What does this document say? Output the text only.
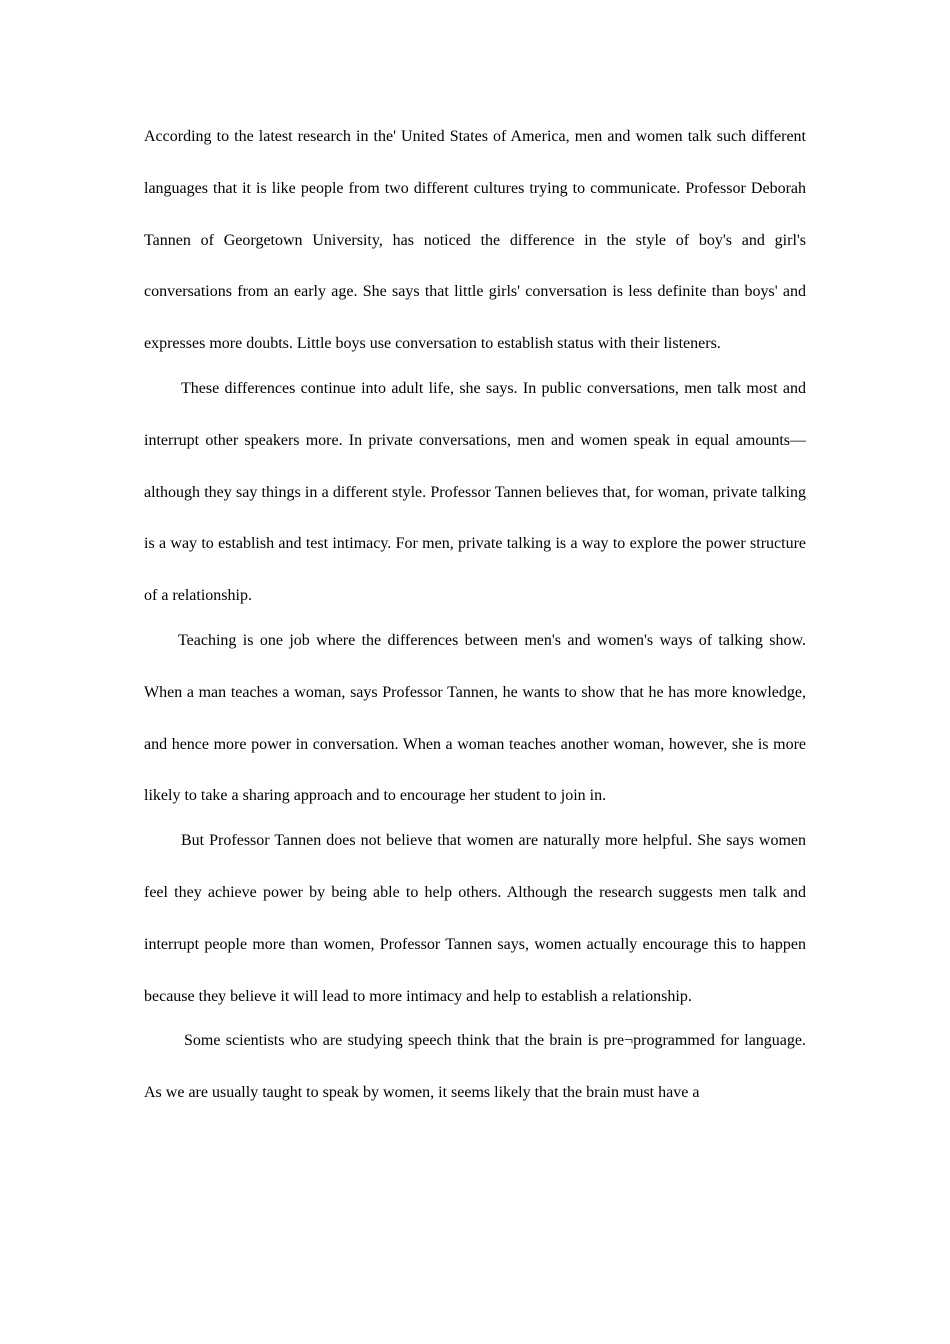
According to the latest research in the' United States of America, men and women talk such different languages that it is like people from two different cultures trying to communicate. Professor Deborah Tannen of Georgetown University, has noticed the difference in the style of boy's and girl's conversations from an early age. She says that little girls' conversation is less definite than boys' and expresses more doubts. Little boys use conversation to establish status with their listeners.

These differences continue into adult life, she says. In public conversations, men talk most and interrupt other speakers more. In private conversations, men and women speak in equal amounts—although they say things in a different style. Professor Tannen believes that, for woman, private talking is a way to establish and test intimacy. For men, private talking is a way to explore the power structure of a relationship.

Teaching is one job where the differences between men's and women's ways of talking show. When a man teaches a woman, says Professor Tannen, he wants to show that he has more knowledge, and hence more power in conversation. When a woman teaches another woman, however, she is more likely to take a sharing approach and to encourage her student to join in.

But Professor Tannen does not believe that women are naturally more helpful. She says women feel they achieve power by being able to help others. Although the research suggests men talk and interrupt people more than women, Professor Tannen says, women actually encourage this to happen because they believe it will lead to more intimacy and help to establish a relationship.

Some scientists who are studying speech think that the brain is pre¬programmed for language. As we are usually taught to speak by women, it seems likely that the brain must have a
